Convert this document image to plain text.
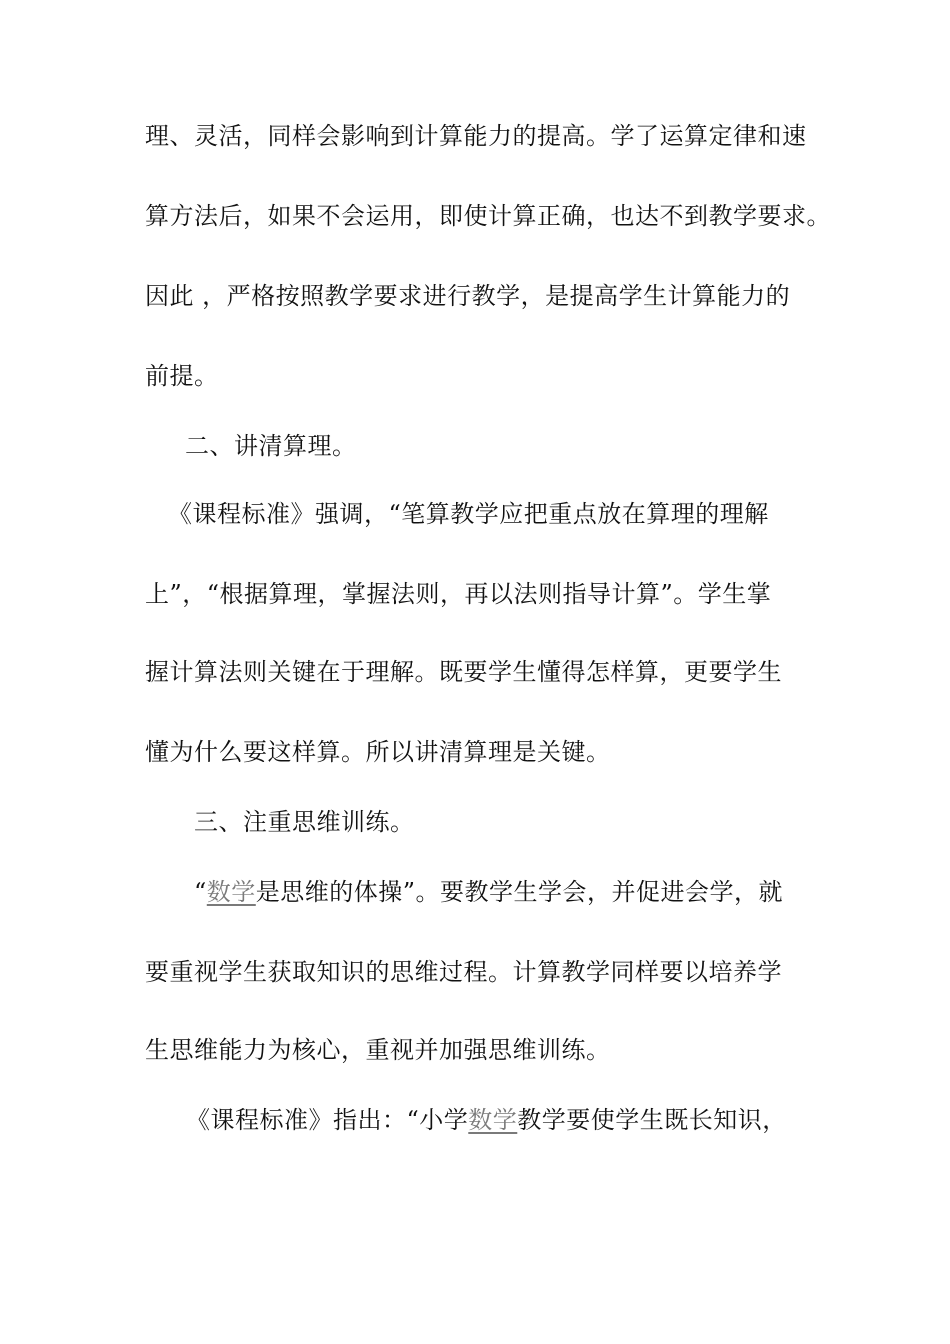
理、灵活，同样会影响到计算能力的提高。学了运算定律和速
算方法后，如果不会运用，即使计算正确，也达不到教学要求。
因此 ，严格按照教学要求进行教学，是提高学生计算能力的
前提。
二、讲清算理。
《课程标准》强调，“笔算教学应把重点放在算理的理解
上”，“根据算理，掌握法则，再以法则指导计算”。学生掌
握计算法则关键在于理解。既要学生懂得怎样算，更要学生
懂为什么要这样算。所以讲清算理是关键。
三、注重思维训练。
“数学是思维的体操”。要教学生学会，并促进会学，就
要重视学生获取知识的思维过程。计算教学同样要以培养学
生思维能力为核心，重视并加强思维训练。
《课程标准》指出：“小学数学教学要使学生既长知识，
